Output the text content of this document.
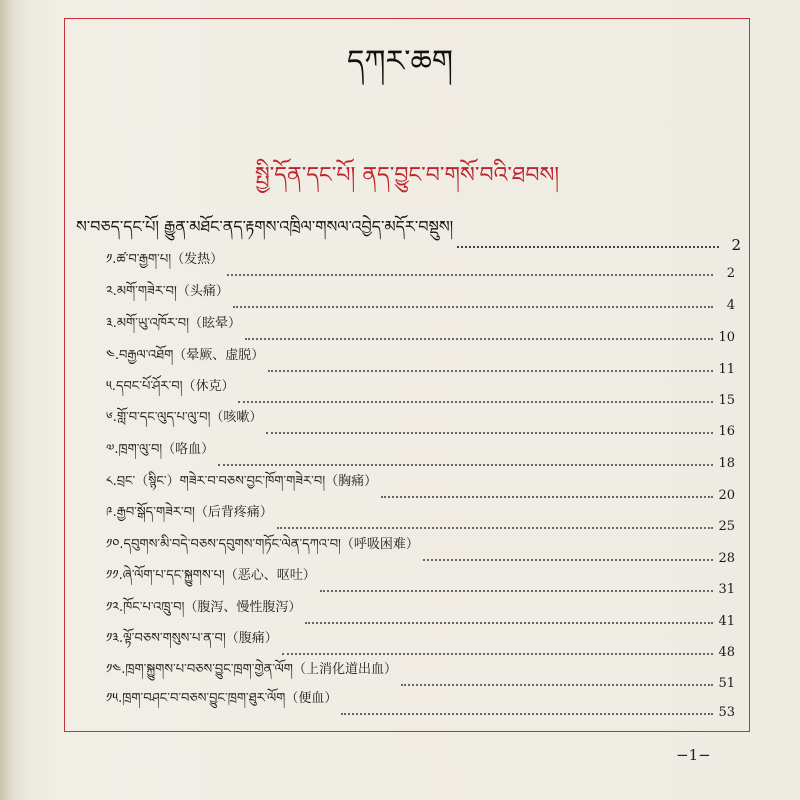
དཀར་ཆག
སྤྱི་དོན་དང་པོ། ནད་བྱུང་བ་གསོ་བའི་ཐབས།
ས་བཅད་དང་པོ། རྒྱུན་མཐོང་ནད་རྟགས་འཁྲིལ་གསལ་འབྱེད་མདོར་བསྡུས།
2
༡.ཚ་བ་རྒྱག་པ།（发热）
2
༢.མགོ་གཟེར་བ།（头痛）
4
༣.མགོ་ཡུ་འཁོར་བ།（眩晕）
10
༤.བརྒྱལ་འཐོག（晕厥、虚脱）
11
༥.དབང་པོ་ཤོར་བ།（休克）
15
༦.གློ་བ་དང་ལུད་པ་ལུ་བ།（咳嗽）
16
༧.ཁྲག་ལུ་བ།（咯血）
18
༨.བྲང་（སྙིང་）གཟེར་བ་བཅས་བྱང་ཁོག་གཟེར་བ།（胸痛）
20
༩.རྒྱབ་སྒོད་གཟེར་བ།（后背疼痛）
25
༡༠.དབུགས་མི་བདེ་བཅས་དབུགས་གཏོང་ལེན་དཀའ་བ།（呼吸困难）
28
༡༡.ཞེ་ལོག་པ་དང་སྐྱུགས་པ།（恶心、呕吐）
31
༡༢.ཁོང་པ་འཁྲུ་བ།（腹泻、慢性腹泻）
41
༡༣.ལྟོ་བཅས་གསུས་པ་ན་བ།（腹痛）
48
༡༤.ཁྲག་སྐྱུགས་པ་བཅས་བྱུང་ཁྲག་གྱེན་ལོག（上消化道出血）
51
༡༥.ཁྲག་བཤང་བ་བཅས་བྱུང་ཁྲག་ཐུར་ལོག（便血）
53
−1−
